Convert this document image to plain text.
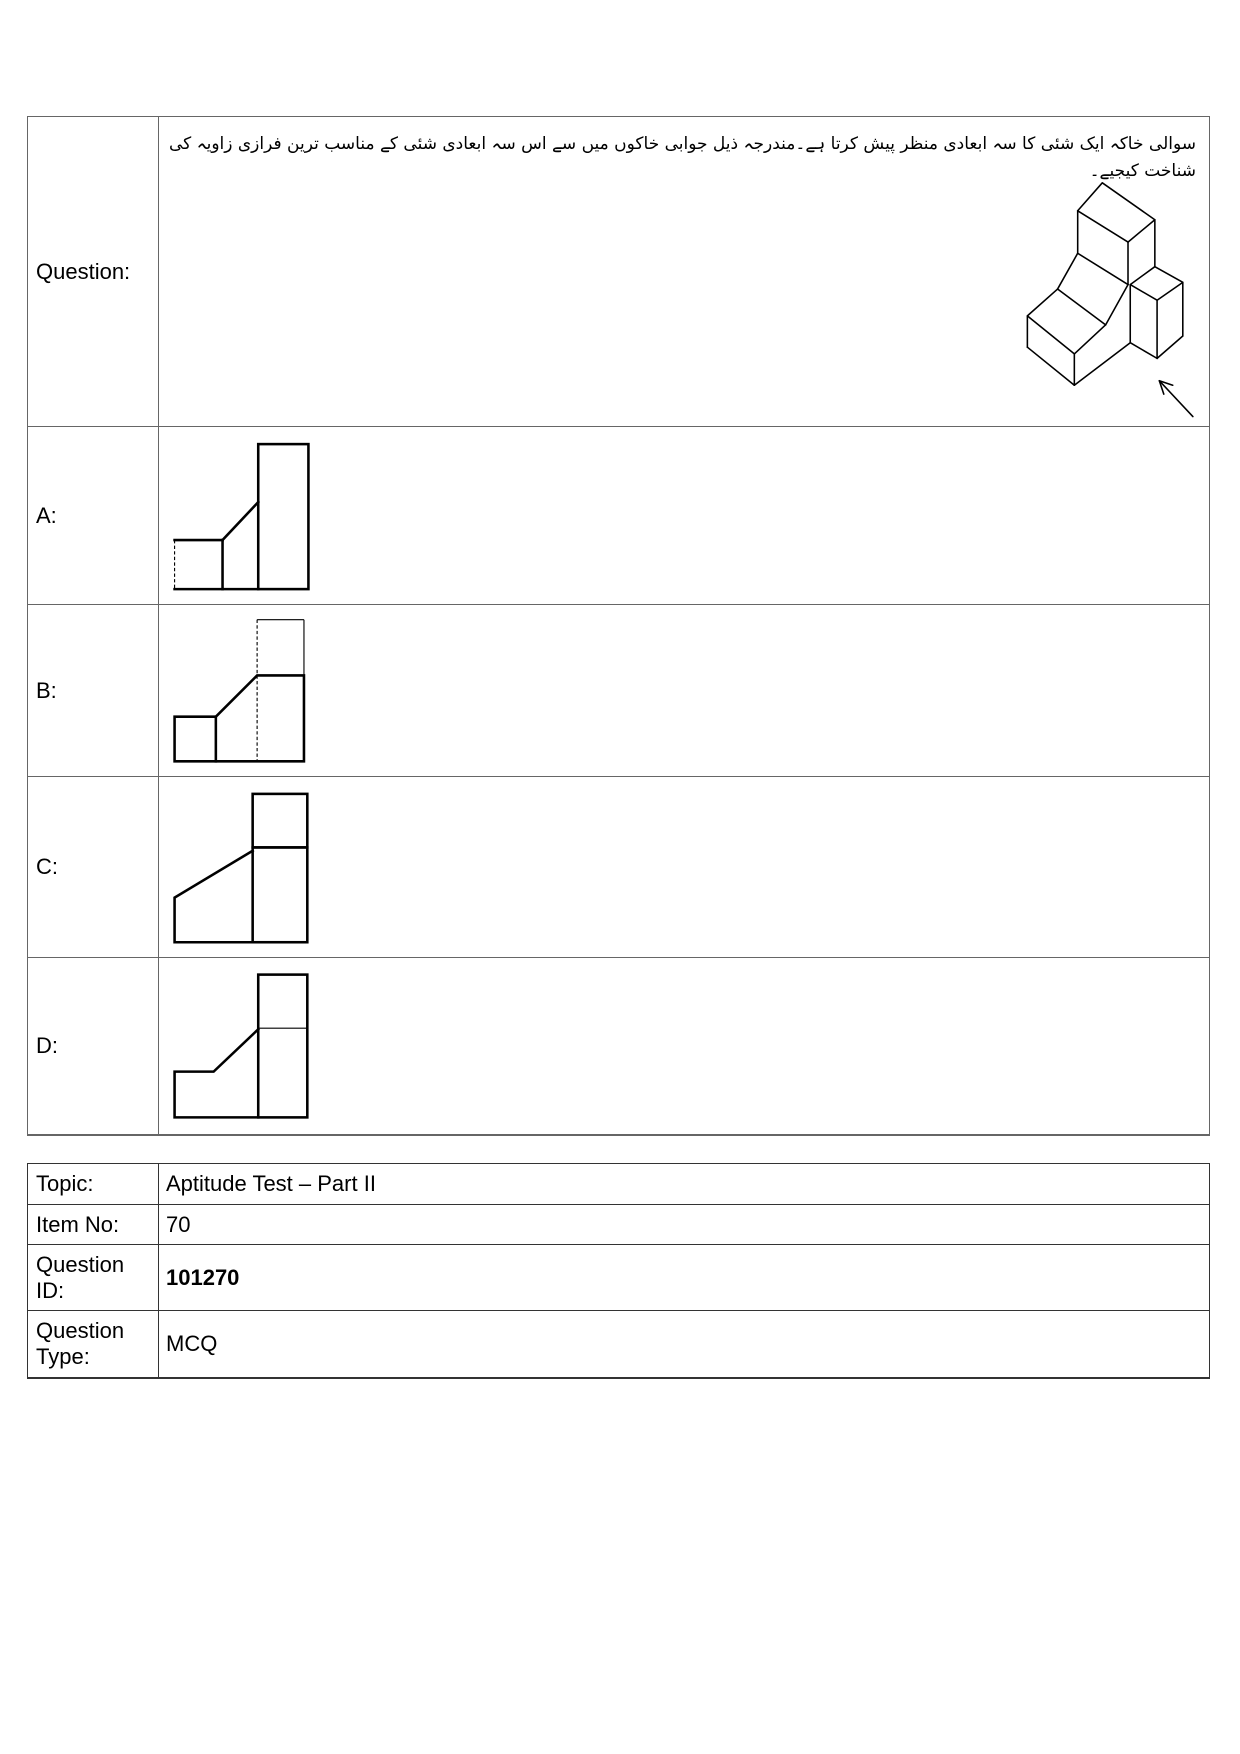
Question:
سوالی خاکہ ایک شئی کا سہ ابعادی منظر پیش کرتا ہے۔مندرجہ ذیل جوابی خاکوں میں سے اس سہ ابعادی شئی کے مناسب ترین فرازی زاویہ کی شناخت کیجیے۔
A:
B:
C:
D:
Topic:	Aptitude Test – Part II
Item No: 70
Question ID:
101270
Question Type:
MCQ
